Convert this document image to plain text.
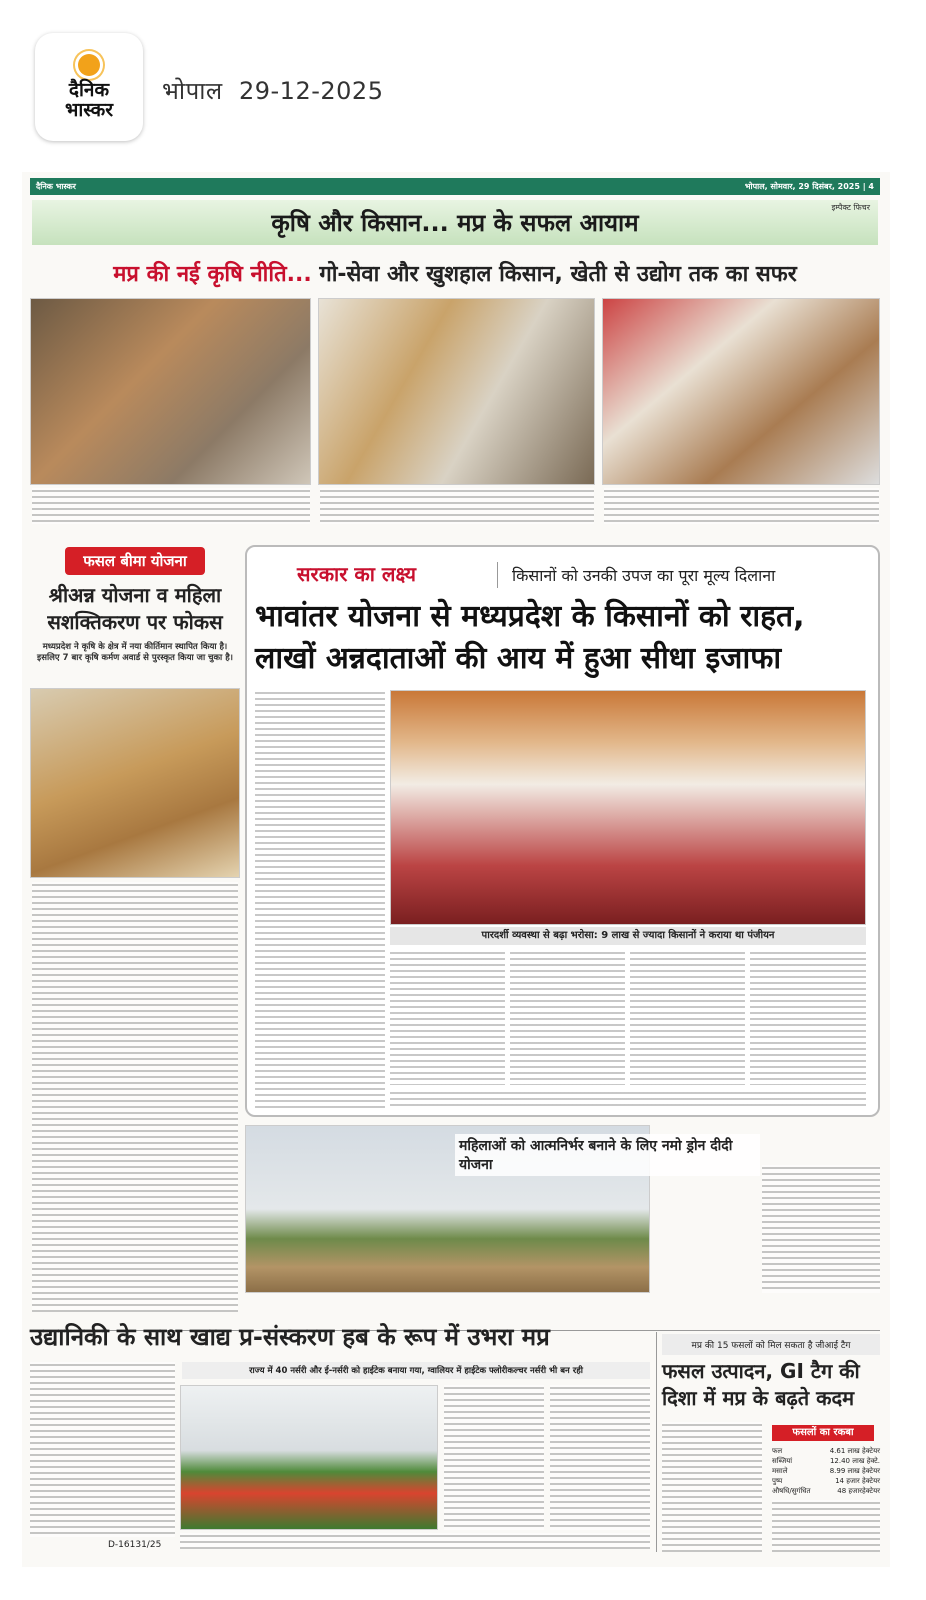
दैनिक
भास्कर
भोपाल 29-12-2025
दैनिक भास्कर	भोपाल, सोमवार, 29 दिसंबर, 2025 | 4
कृषि और किसान... मप्र के सफल आयाम
इम्पैक्ट फिचर
मप्र की नई कृषि नीति... गो-सेवा और खुशहाल किसान, खेती से उद्योग तक का सफर
फसल बीमा योजना
श्रीअन्न योजना व महिला सशक्तिकरण पर फोकस
मध्यप्रदेश ने कृषि के क्षेत्र में नया कीर्तिमान स्थापित किया है। इसलिए 7 बार कृषि कर्मण अवार्ड से पुरस्कृत किया जा चुका है।
सरकार का लक्ष्य	किसानों को उनकी उपज का पूरा मूल्य दिलाना
भावांतर योजना से मध्यप्रदेश के किसानों को राहत, लाखों अन्नदाताओं की आय में हुआ सीधा इजाफा
पारदर्शी व्यवस्था से बढ़ा भरोसा: 9 लाख से ज्यादा किसानों ने कराया था पंजीयन
महिलाओं को आत्मनिर्भर बनाने के लिए नमो ड्रोन दीदी योजना
उद्यानिकी के साथ खाद्य प्र-संस्करण हब के रूप में उभरा मप्र
राज्य में 40 नर्सरी और ई-नर्सरी को हाईटेक बनाया गया, ग्वालियर में हाईटेक फ्लोरीकल्चर नर्सरी भी बन रही
D-16131/25
मप्र की 15 फसलों को मिल सकता है जीआई टैग
फसल उत्पादन, GI टैग की दिशा में मप्र के बढ़ते कदम
फसलों का रकबा
फल	4.61 लाख हेक्टेयर
सब्जियां	12.40 लाख हेक्टे.
मसाले	8.99 लाख हेक्टेयर
पुष्प	14 हजार हेक्टेयर
औषधि/सुगंधित	48 हजारहेक्टेयर
